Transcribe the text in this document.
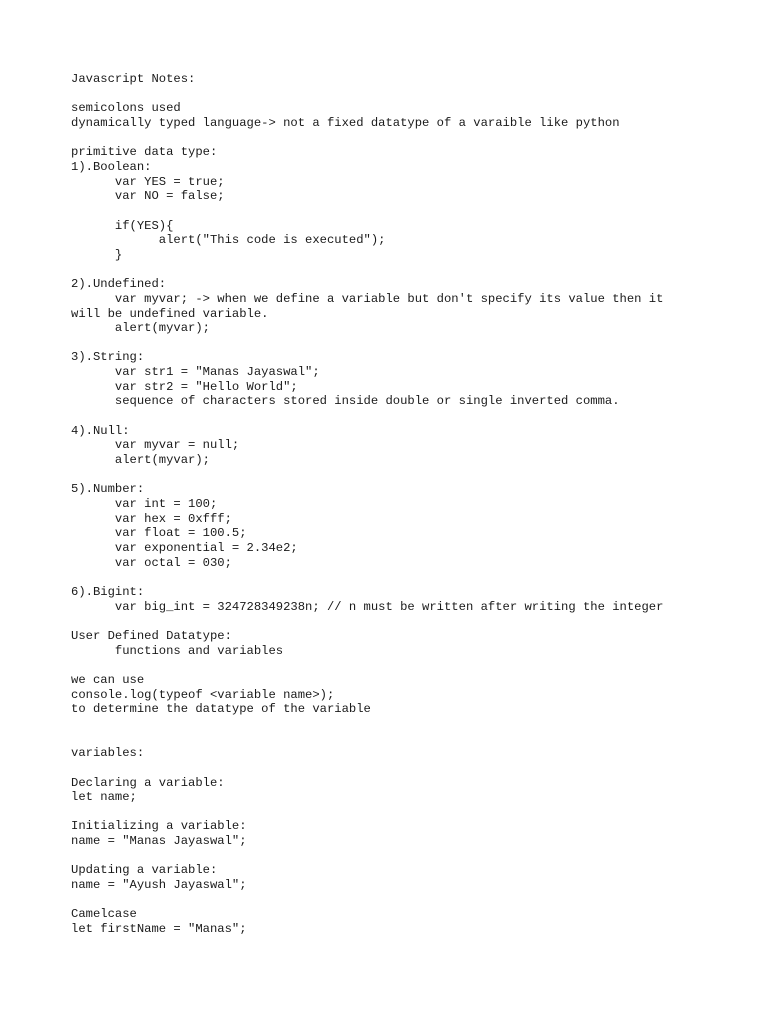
Javascript Notes:
semicolons used
dynamically typed language-> not a fixed datatype of a varaible like python
primitive data type:
1).Boolean:
var YES = true;
var NO = false;
if(YES){
alert("This code is executed");
}
2).Undefined:
var myvar; -> when we define a variable but don't specify its value then it
will be undefined variable.
alert(myvar);
3).String:
var str1 = "Manas Jayaswal";
var str2 = "Hello World";
sequence of characters stored inside double or single inverted comma.
4).Null:
var myvar = null;
alert(myvar);
5).Number:
var int = 100;
var hex = 0xfff;
var float = 100.5;
var exponential = 2.34e2;
var octal = 030;
6).Bigint:
var big_int = 324728349238n; // n must be written after writing the integer
User Defined Datatype:
functions and variables
we can use
console.log(typeof <variable name>);
to determine the datatype of the variable
variables:
Declaring a variable:
let name;
Initializing a variable:
name = "Manas Jayaswal";
Updating a variable:
name = "Ayush Jayaswal";
Camelcase
let firstName = "Manas";
